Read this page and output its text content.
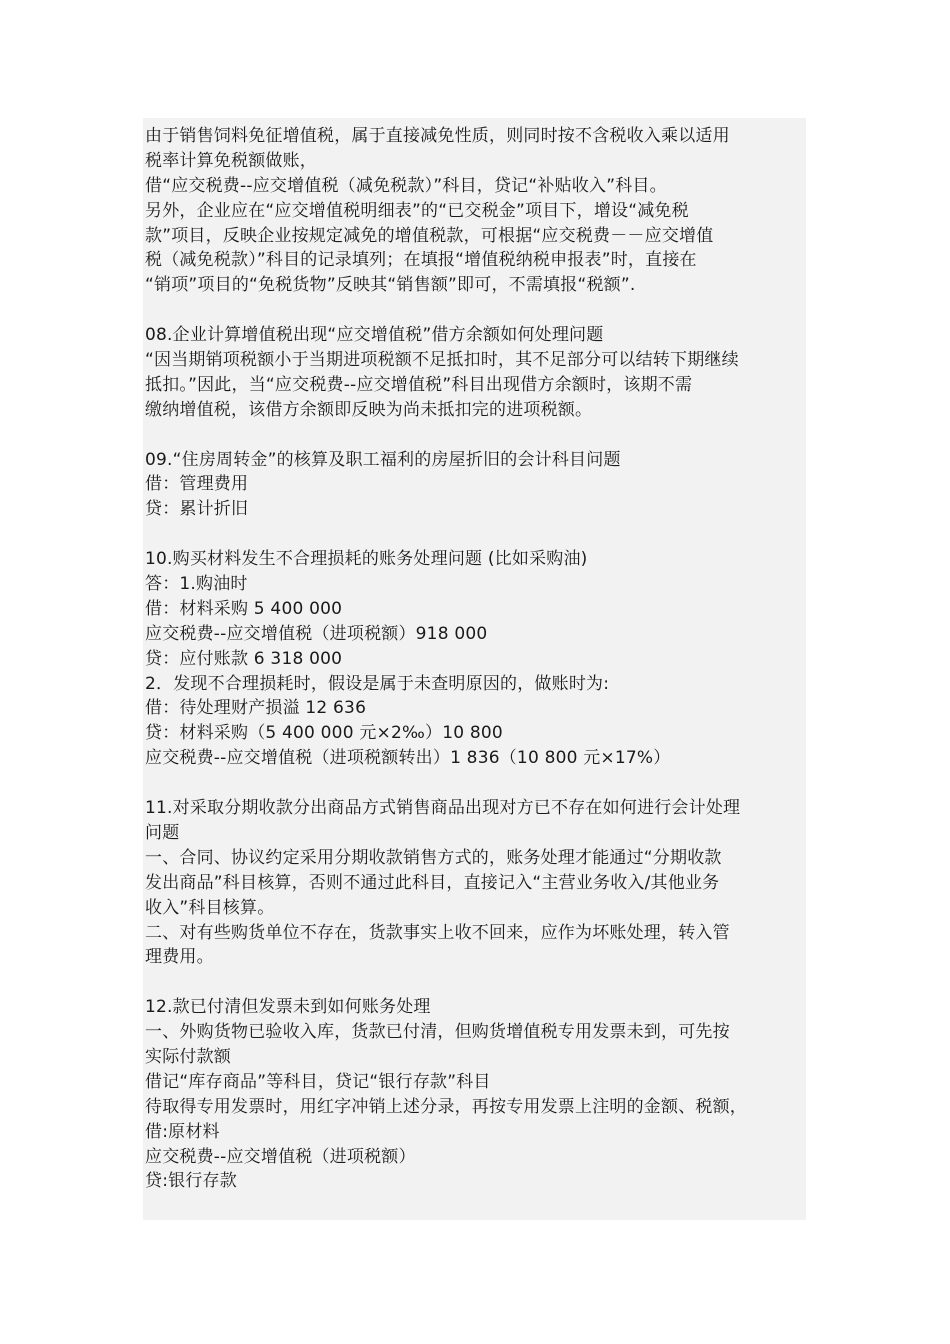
由于销售饲料免征增值税，属于直接减免性质，则同时按不含税收入乘以适用
税率计算免税额做账，
借“应交税费--应交增值税（减免税款）”科目，贷记“补贴收入”科目。
另外，企业应在“应交增值税明细表”的“已交税金”项目下，增设“减免税
款”项目，反映企业按规定减免的增值税款，可根据“应交税费－－应交增值
税（减免税款）”科目的记录填列；在填报“增值税纳税申报表”时，直接在
“销项”项目的“免税货物”反映其“销售额”即可，不需填报“税额”.
08.企业计算增值税出现“应交增值税”借方余额如何处理问题
“因当期销项税额小于当期进项税额不足抵扣时，其不足部分可以结转下期继续
抵扣。”因此，当“应交税费--应交增值税”科目出现借方余额时，该期不需
缴纳增值税，该借方余额即反映为尚未抵扣完的进项税额。
09.“住房周转金”的核算及职工福利的房屋折旧的会计科目问题
借：管理费用
贷：累计折旧
10.购买材料发生不合理损耗的账务处理问题 (比如采购油)
答：1.购油时
借：材料采购 5 400 000
应交税费--应交增值税（进项税额）918 000
贷：应付账款 6 318 000
2．发现不合理损耗时，假设是属于未查明原因的，做账时为:
借：待处理财产损溢 12 636
贷：材料采购（5 400 000 元×2‰）10 800
应交税费--应交增值税（进项税额转出）1 836（10 800 元×17%）
11.对采取分期收款分出商品方式销售商品出现对方已不存在如何进行会计处理
问题
一、合同、协议约定采用分期收款销售方式的，账务处理才能通过“分期收款
发出商品”科目核算，否则不通过此科目，直接记入“主营业务收入/其他业务
收入”科目核算。
二、对有些购货单位不存在，货款事实上收不回来，应作为坏账处理，转入管
理费用。
12.款已付清但发票未到如何账务处理
一、外购货物已验收入库，货款已付清，但购货增值税专用发票未到，可先按
实际付款额
借记“库存商品”等科目，贷记“银行存款”科目
待取得专用发票时，用红字冲销上述分录，再按专用发票上注明的金额、税额，
借:原材料
应交税费--应交增值税（进项税额）
贷:银行存款
